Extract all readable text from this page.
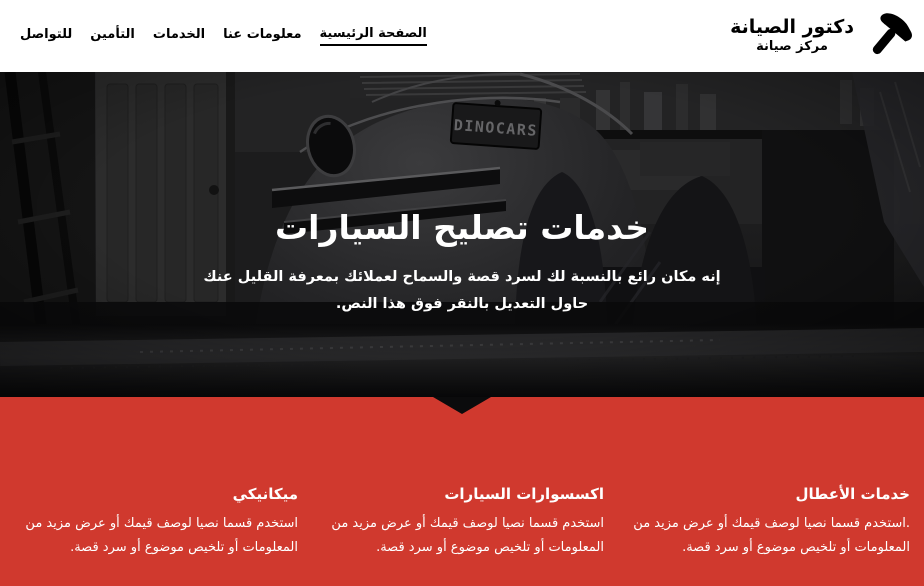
دكتور الصيانة
مركز صيانة
الصفحة الرئيسية
معلومات عنا
الخدمات
التأمين
للتواصل
خدمات تصليح السيارات
إنه مكان رائع بالنسبة لك لسرد قصة والسماح لعملائك بمعرفة القليل عنك
حاول التعديل بالنقر فوق هذا النص.
خدمات الأعطال

.استخدم قسما نصيا لوصف قيمك أو عرض مزيد من المعلومات أو تلخيص موضوع أو سرد قصة.

اكسسوارات السيارات

استخدم قسما نصيا لوصف قيمك أو عرض مزيد من المعلومات أو تلخيص موضوع أو سرد قصة.

ميكانيكي

استخدم قسما نصيا لوصف قيمك أو عرض مزيد من المعلومات أو تلخيص موضوع أو سرد قصة.
